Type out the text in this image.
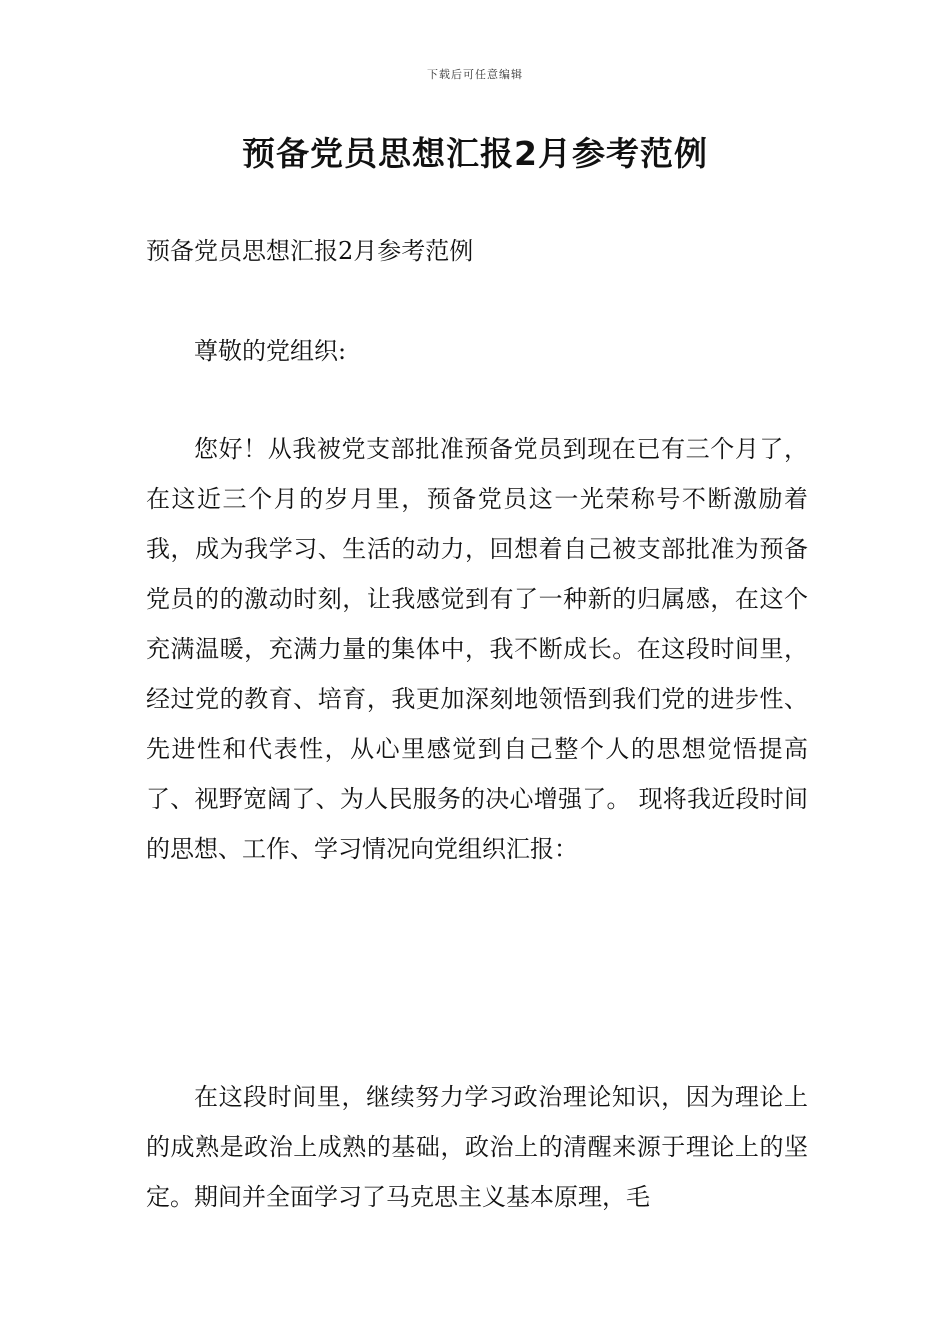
下载后可任意编辑
预备党员思想汇报2月参考范例

预备党员思想汇报2月参考范例

尊敬的党组织:

您好！从我被党支部批准预备党员到现在已有三个月了，在这近三个月的岁月里，预备党员这一光荣称号不断激励着我，成为我学习、生活的动力，回想着自己被支部批准为预备党员的的激动时刻，让我感觉到有了一种新的归属感，在这个充满温暖，充满力量的集体中，我不断成长。在这段时间里，经过党的教育、培育，我更加深刻地领悟到我们党的进步性、先进性和代表性，从心里感觉到自己整个人的思想觉悟提高了、视野宽阔了、为人民服务的决心增强了。 现将我近段时间的思想、工作、学习情况向党组织汇报：

在这段时间里，继续努力学习政治理论知识，因为理论上的成熟是政治上成熟的基础，政治上的清醒来源于理论上的坚定。期间并全面学习了马克思主义基本原理，毛
